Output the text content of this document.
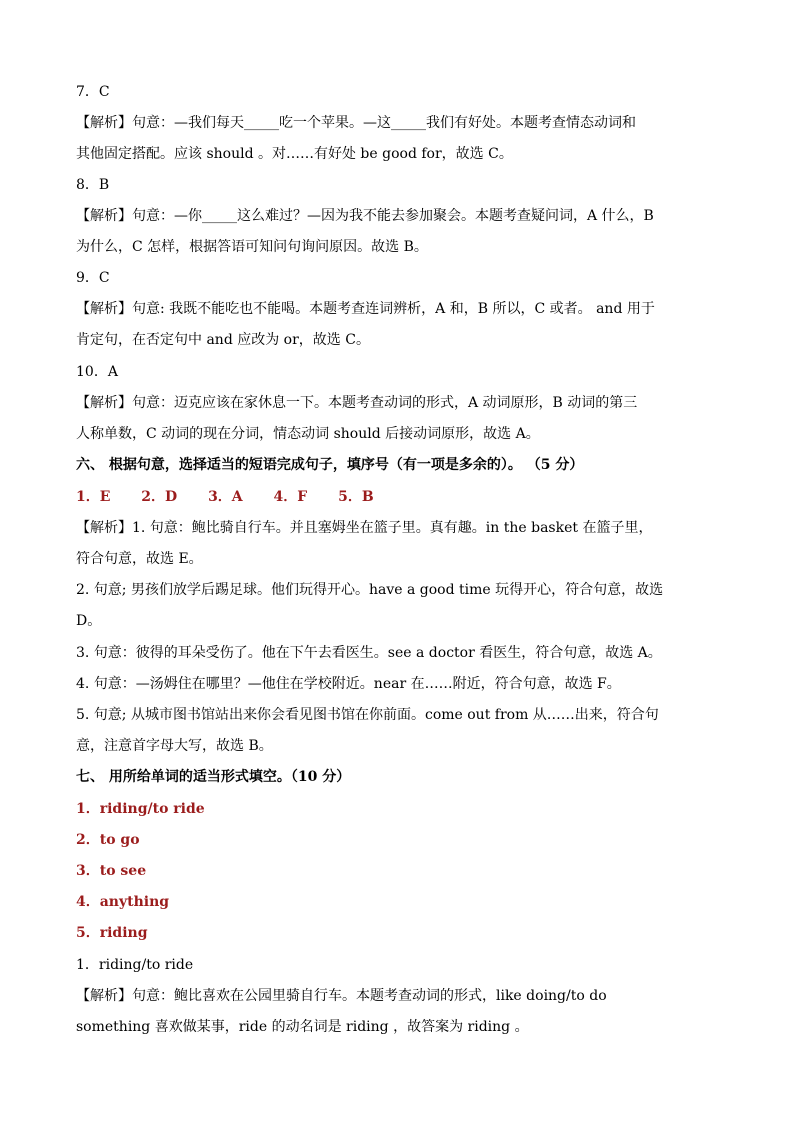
7．C
【解析】句意：—我们每天_____吃一个苹果。—这_____我们有好处。本题考查情态动词和
其他固定搭配。应该 should 。对……有好处 be good for，故选 C。
8．B
【解析】句意：—你_____这么难过？—因为我不能去参加聚会。本题考查疑问词，A 什么，B
为什么，C 怎样，根据答语可知问句询问原因。故选 B。
9．C
【解析】句意: 我既不能吃也不能喝。本题考查连词辨析，A 和，B 所以，C 或者。 and 用于
肯定句，在否定句中 and 应改为 or，故选 C。
10．A
【解析】句意：迈克应该在家休息一下。本题考查动词的形式，A 动词原形，B 动词的第三
人称单数，C 动词的现在分词，情态动词 should 后接动词原形，故选 A。
六、 根据句意，选择适当的短语完成句子，填序号（有一项是多余的）。 （5 分）
1．E 2．D 3．A 4．F 5．B
【解析】1. 句意：鲍比骑自行车。并且塞姆坐在篮子里。真有趣。in the basket 在篮子里，
符合句意，故选 E。
2. 句意; 男孩们放学后踢足球。他们玩得开心。have a good time 玩得开心，符合句意，故选
D。
3. 句意：彼得的耳朵受伤了。他在下午去看医生。see a doctor 看医生，符合句意，故选 A。
4. 句意：—汤姆住在哪里？—他住在学校附近。near 在……附近，符合句意，故选 F。
5. 句意; 从城市图书馆站出来你会看见图书馆在你前面。come out from 从……出来，符合句
意，注意首字母大写，故选 B。
七、 用所给单词的适当形式填空。（10 分）
1．riding/to ride
2．to go
3．to see
4．anything
5．riding
1．riding/to ride
【解析】句意：鲍比喜欢在公园里骑自行车。本题考查动词的形式，like doing/to do
something 喜欢做某事，ride 的动名词是 riding ，故答案为 riding 。
